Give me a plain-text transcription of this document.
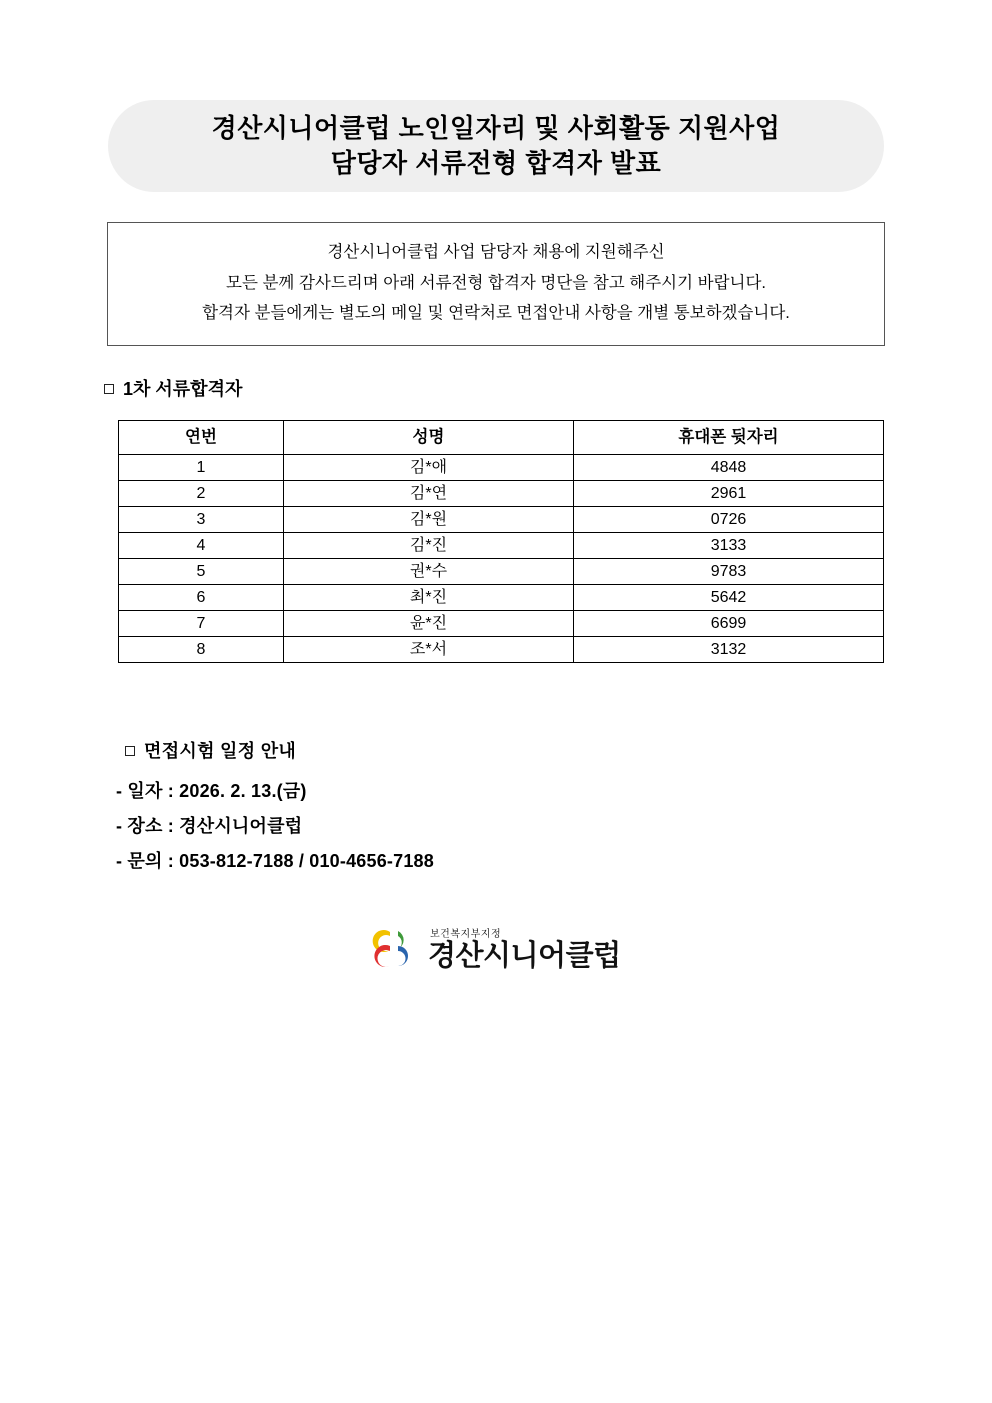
경산시니어클럽 노인일자리 및 사회활동 지원사업
담당자 서류전형 합격자 발표
경산시니어클럽 사업 담당자 채용에 지원해주신
모든 분께 감사드리며 아래 서류전형 합격자 명단을 참고 해주시기 바랍니다.
합격자 분들에게는 별도의 메일 및 연락처로 면접안내 사항을 개별 통보하겠습니다.
1차 서류합격자
연번	성명	휴대폰 뒷자리
1	김*애	4848
2	김*연	2961
3	김*원	0726
4	김*진	3133
5	권*수	9783
6	최*진	5642
7	윤*진	6699
8	조*서	3132
면접시험 일정 안내
- 일자 : 2026. 2. 13.(금)
- 장소 : 경산시니어클럽
- 문의 : 053-812-7188 / 010-4656-7188
보건복지부지정
경산시니어클럽
